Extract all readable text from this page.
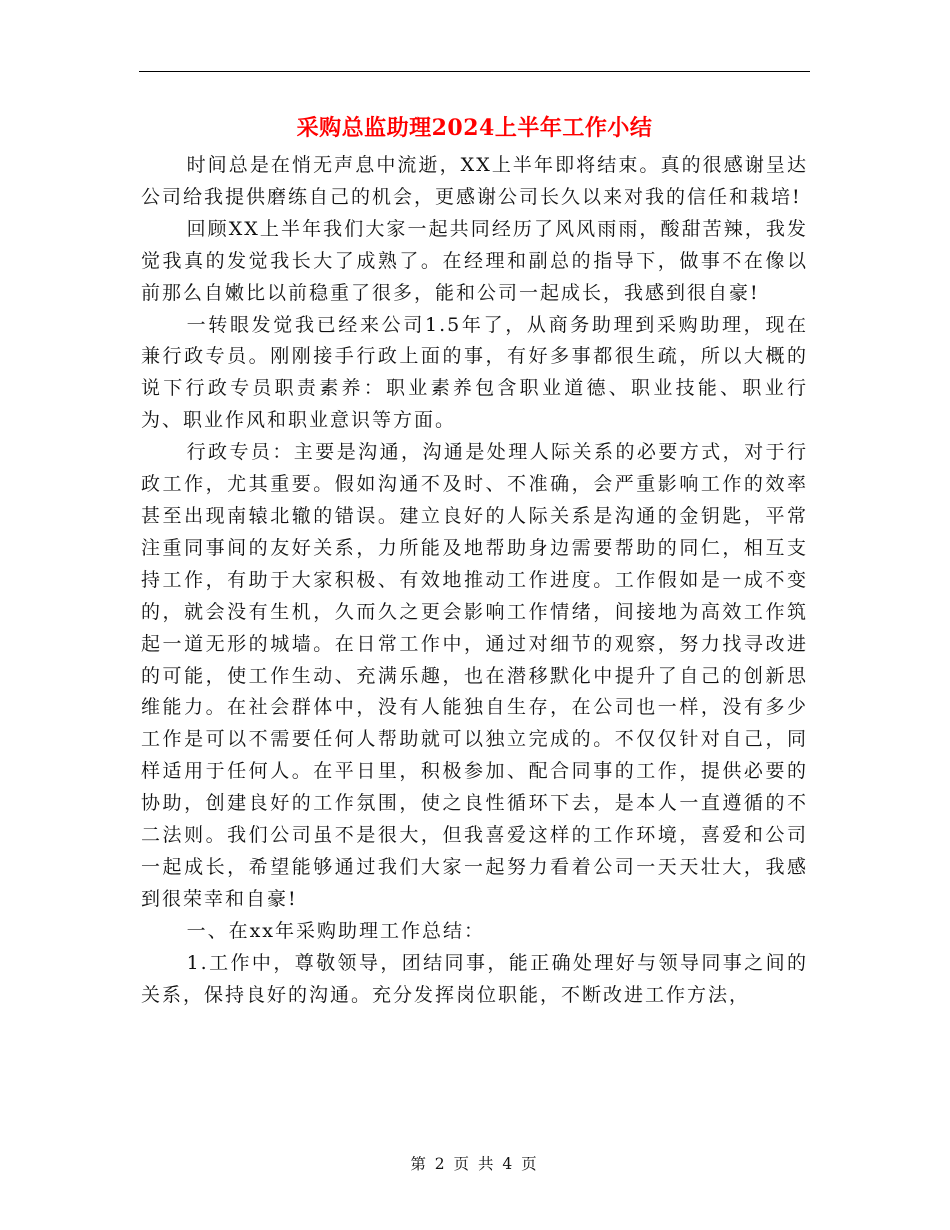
采购总监助理2024上半年工作小结

时间总是在悄无声息中流逝，XX上半年即将结束。真的很感谢呈达公司给我提供磨练自己的机会，更感谢公司长久以来对我的信任和栽培!

回顾XX上半年我们大家一起共同经历了风风雨雨，酸甜苦辣，我发觉我真的发觉我长大了成熟了。在经理和副总的指导下，做事不在像以前那么自嫩比以前稳重了很多，能和公司一起成长，我感到很自豪!

一转眼发觉我已经来公司1.5年了，从商务助理到采购助理，现在兼行政专员。刚刚接手行政上面的事，有好多事都很生疏，所以大概的说下行政专员职责素养：职业素养包含职业道德、职业技能、职业行为、职业作风和职业意识等方面。

行政专员：主要是沟通，沟通是处理人际关系的必要方式，对于行政工作，尤其重要。假如沟通不及时、不准确，会严重影响工作的效率甚至出现南辕北辙的错误。建立良好的人际关系是沟通的金钥匙，平常注重同事间的友好关系，力所能及地帮助身边需要帮助的同仁，相互支持工作，有助于大家积极、有效地推动工作进度。工作假如是一成不变的，就会没有生机，久而久之更会影响工作情绪，间接地为高效工作筑起一道无形的城墙。在日常工作中，通过对细节的观察，努力找寻改进的可能，使工作生动、充满乐趣，也在潜移默化中提升了自己的创新思维能力。在社会群体中，没有人能独自生存，在公司也一样，没有多少工作是可以不需要任何人帮助就可以独立完成的。不仅仅针对自己，同样适用于任何人。在平日里，积极参加、配合同事的工作，提供必要的协助，创建良好的工作氛围，使之良性循环下去，是本人一直遵循的不二法则。我们公司虽不是很大，但我喜爱这样的工作环境，喜爱和公司一起成长，希望能够通过我们大家一起努力看着公司一天天壮大，我感到很荣幸和自豪!

一、在xx年采购助理工作总结：

1.工作中，尊敬领导，团结同事，能正确处理好与领导同事之间的关系，保持良好的沟通。充分发挥岗位职能，不断改进工作方法，

第 2 页 共 4 页
